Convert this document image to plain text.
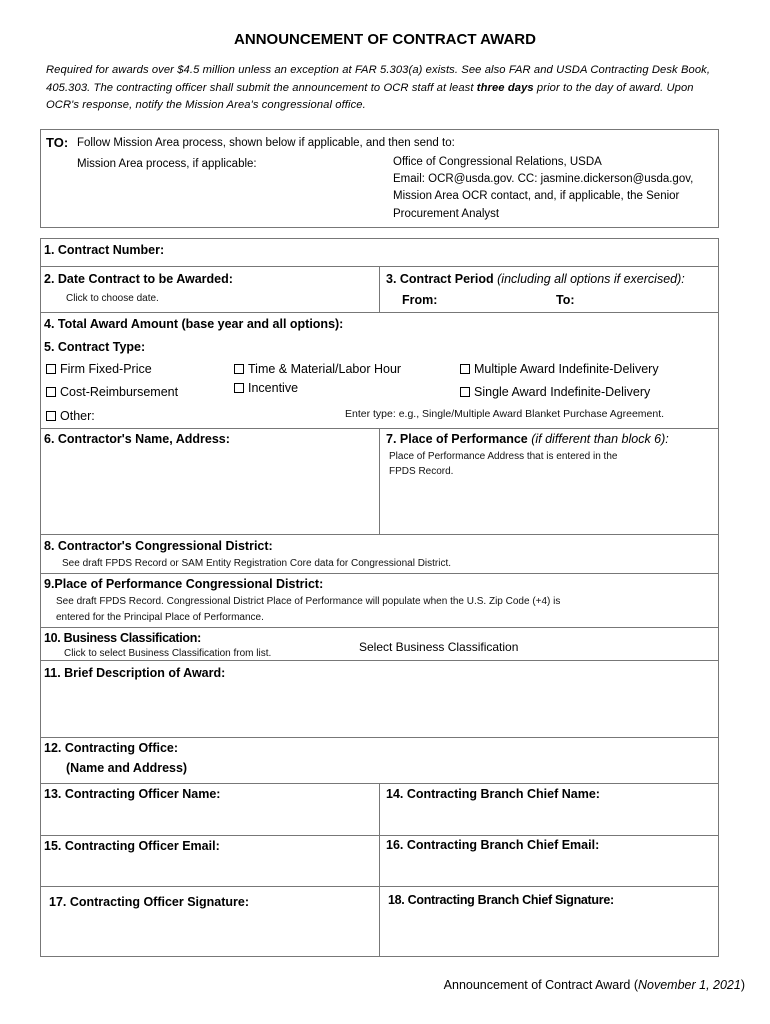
ANNOUNCEMENT OF CONTRACT AWARD
Required for awards over $4.5 million unless an exception at FAR 5.303(a) exists. See also FAR and USDA Contracting Desk Book, 405.303. The contracting officer shall submit the announcement to OCR staff at least three days prior to the day of award. Upon OCR's response, notify the Mission Area's congressional office.
TO: Follow Mission Area process, shown below if applicable, and then send to:
Mission Area process, if applicable:	Office of Congressional Relations, USDA
Email: OCR@usda.gov. CC: jasmine.dickerson@usda.gov,
Mission Area OCR contact, and, if applicable, the Senior
Procurement Analyst
1. Contract Number:
2. Date Contract to be Awarded:
Click to choose date.
3. Contract Period (including all options if exercised):
From:	To:
4. Total Award Amount (base year and all options):
5. Contract Type:
Firm Fixed-Price
Cost-Reimbursement
Other:
Time & Material/Labor Hour
Incentive
Multiple Award Indefinite-Delivery
Single Award Indefinite-Delivery
Enter type: e.g., Single/Multiple Award Blanket Purchase Agreement.
6. Contractor's Name, Address:	7. Place of Performance (if different than block 6):
Place of Performance Address that is entered in the
FPDS Record.
8. Contractor's Congressional District:
See draft FPDS Record or SAM Entity Registration Core data for Congressional District.
9.Place of Performance Congressional District:
See draft FPDS Record. Congressional District Place of Performance will populate when the U.S. Zip Code (+4) is
entered for the Principal Place of Performance.
10. Business Classification:
Click to select Business Classification from list.	Select Business Classification
11. Brief Description of Award:
12. Contracting Office:
(Name and Address)
13. Contracting Officer Name:	14. Contracting Branch Chief Name:
15. Contracting Officer Email:	16. Contracting Branch Chief Email:
17. Contracting Officer Signature:	18. Contracting Branch Chief Signature:
Announcement of Contract Award (November 1, 2021)
